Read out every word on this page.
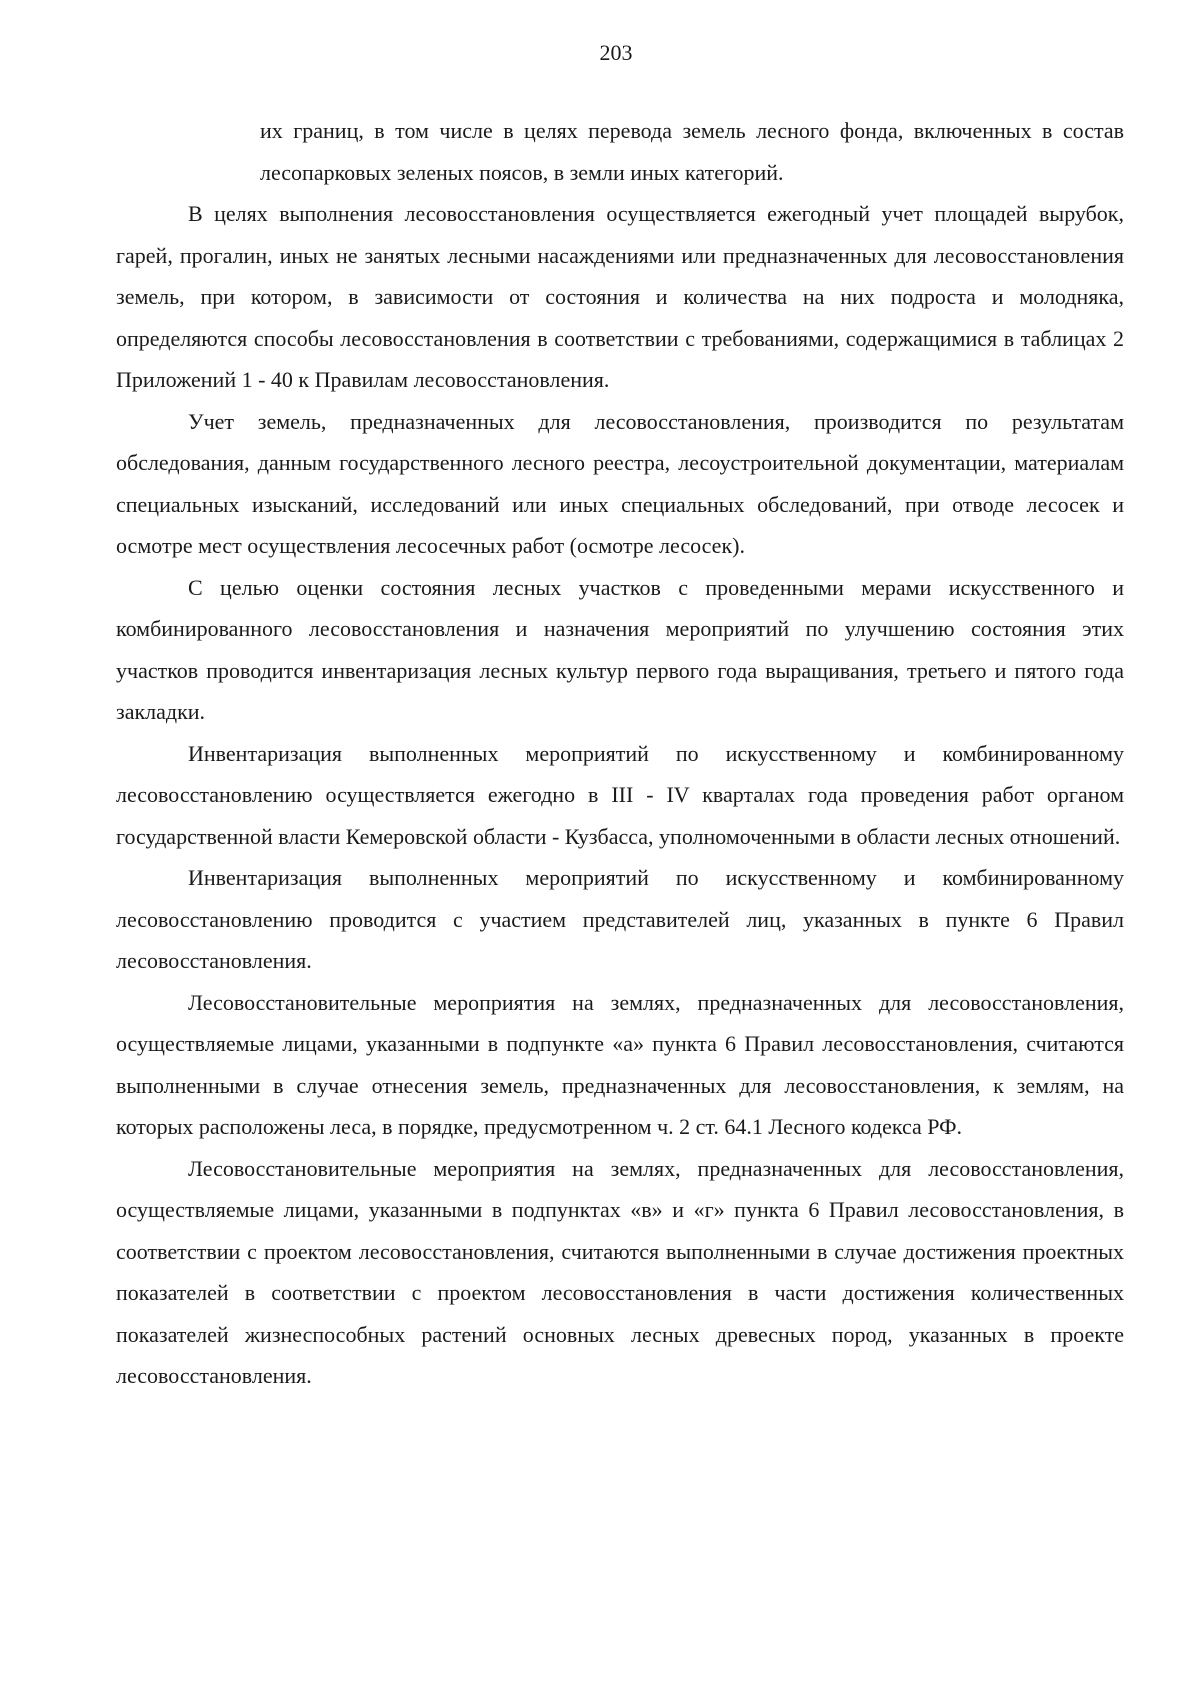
203

их границ, в том числе в целях перевода земель лесного фонда, включенных в состав лесопарковых зеленых поясов, в земли иных категорий.

В целях выполнения лесовосстановления осуществляется ежегодный учет площадей вырубок, гарей, прогалин, иных не занятых лесными насаждениями или предназначенных для лесовосстановления земель, при котором, в зависимости от состояния и количества на них подроста и молодняка, определяются способы лесовосстановления в соответствии с требованиями, содержащимися в таблицах 2 Приложений 1 - 40 к Правилам лесовосстановления.

Учет земель, предназначенных для лесовосстановления, производится по результатам обследования, данным государственного лесного реестра, лесоустроительной документации, материалам специальных изысканий, исследований или иных специальных обследований, при отводе лесосек и осмотре мест осуществления лесосечных работ (осмотре лесосек).

С целью оценки состояния лесных участков с проведенными мерами искусственного и комбинированного лесовосстановления и назначения мероприятий по улучшению состояния этих участков проводится инвентаризация лесных культур первого года выращивания, третьего и пятого года закладки.

Инвентаризация выполненных мероприятий по искусственному и комбинированному лесовосстановлению осуществляется ежегодно в III - IV кварталах года проведения работ органом государственной власти Кемеровской области - Кузбасса, уполномоченными в области лесных отношений.

Инвентаризация выполненных мероприятий по искусственному и комбинированному лесовосстановлению проводится с участием представителей лиц, указанных в пункте 6 Правил лесовосстановления.

Лесовосстановительные мероприятия на землях, предназначенных для лесовосстановления, осуществляемые лицами, указанными в подпункте «а» пункта 6 Правил лесовосстановления, считаются выполненными в случае отнесения земель, предназначенных для лесовосстановления, к землям, на которых расположены леса, в порядке, предусмотренном ч. 2 ст. 64.1 Лесного кодекса РФ.

Лесовосстановительные мероприятия на землях, предназначенных для лесовосстановления, осуществляемые лицами, указанными в подпунктах «в» и «г» пункта 6 Правил лесовосстановления, в соответствии с проектом лесовосстановления, считаются выполненными в случае достижения проектных показателей в соответствии с проектом лесовосстановления в части достижения количественных показателей жизнеспособных растений основных лесных древесных пород, указанных в проекте лесовосстановления.
